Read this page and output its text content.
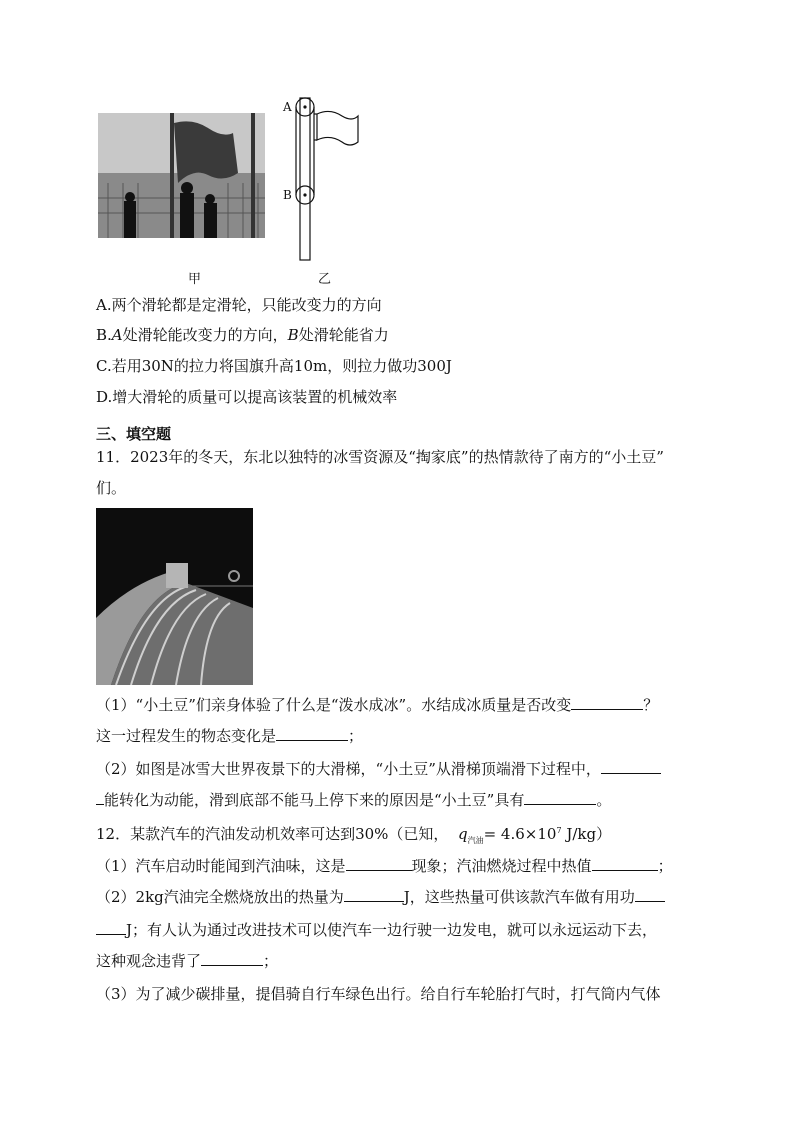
A
B
甲	乙
A.两个滑轮都是定滑轮，只能改变力的方向
B.A处滑轮能改变力的方向，B处滑轮能省力
C.若用30N的拉力将国旗升高10m，则拉力做功300J
D.增大滑轮的质量可以提高该装置的机械效率
三、填空题
11．2023年的冬天，东北以独特的冰雪资源及“掏家底”的热情款待了南方的“小土豆”
们。
（1）“小土豆”们亲身体验了什么是“泼水成冰”。水结成冰质量是否改变	？
这一过程发生的物态变化是	；
（2）如图是冰雪大世界夜景下的大滑梯，“小土豆”从滑梯顶端滑下过程中，
能转化为动能，滑到底部不能马上停下来的原因是“小土豆”具有	。
12．某款汽车的汽油发动机效率可达到30%（已知， $q_{汽油}= 4.6\times 10^7$ J/kg）
（1）汽车启动时能闻到汽油味，这是	现象；汽油燃烧过程中热值	；
（2）2kg汽油完全燃烧放出的热量为	J，这些热量可供该款汽车做有用功
J；有人认为通过改进技术可以使汽车一边行驶一边发电，就可以永远运动下去，
这种观念违背了	；
（3）为了减少碳排量，提倡骑自行车绿色出行。给自行车轮胎打气时，打气筒内气体
